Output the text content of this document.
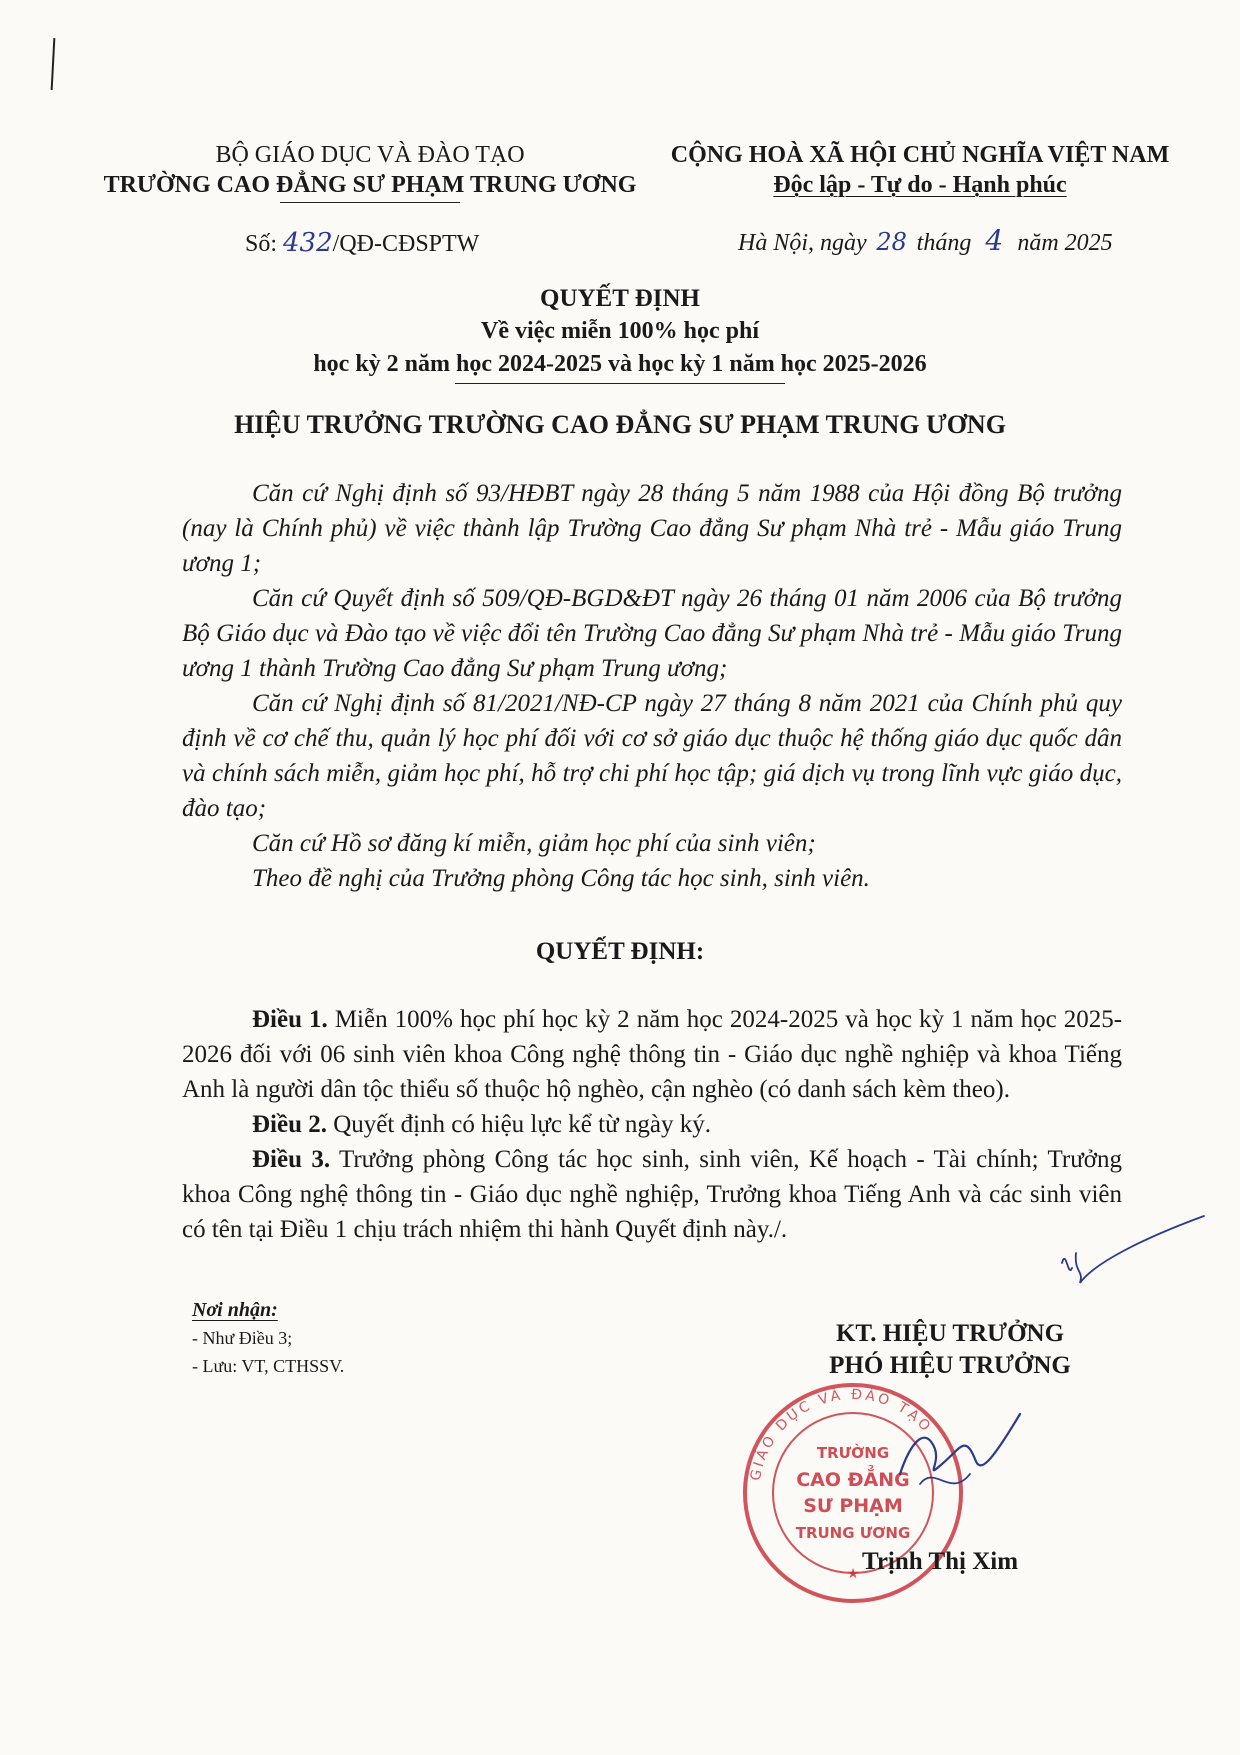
BỘ GIÁO DỤC VÀ ĐÀO TẠO
TRƯỜNG CAO ĐẲNG SƯ PHẠM TRUNG ƯƠNG
CỘNG HOÀ XÃ HỘI CHỦ NGHĨA VIỆT NAM
Độc lập - Tự do - Hạnh phúc
Số: 432/QĐ-CĐSPTW	Hà Nội, ngày 28 tháng 4 năm 2025
QUYẾT ĐỊNH
Về việc miễn 100% học phí
học kỳ 2 năm học 2024-2025 và học kỳ 1 năm học 2025-2026
HIỆU TRƯỞNG TRƯỜNG CAO ĐẲNG SƯ PHẠM TRUNG ƯƠNG

Căn cứ Nghị định số 93/HĐBT ngày 28 tháng 5 năm 1988 của Hội đồng Bộ trưởng (nay là Chính phủ) về việc thành lập Trường Cao đẳng Sư phạm Nhà trẻ - Mẫu giáo Trung ương 1;

Căn cứ Quyết định số 509/QĐ-BGD&ĐT ngày 26 tháng 01 năm 2006 của Bộ trưởng Bộ Giáo dục và Đào tạo về việc đổi tên Trường Cao đẳng Sư phạm Nhà trẻ - Mẫu giáo Trung ương 1 thành Trường Cao đẳng Sư phạm Trung ương;

Căn cứ Nghị định số 81/2021/NĐ-CP ngày 27 tháng 8 năm 2021 của Chính phủ quy định về cơ chế thu, quản lý học phí đối với cơ sở giáo dục thuộc hệ thống giáo dục quốc dân và chính sách miễn, giảm học phí, hỗ trợ chi phí học tập; giá dịch vụ trong lĩnh vực giáo dục, đào tạo;

Căn cứ Hồ sơ đăng kí miễn, giảm học phí của sinh viên;

Theo đề nghị của Trưởng phòng Công tác học sinh, sinh viên.

QUYẾT ĐỊNH:

Điều 1. Miễn 100% học phí học kỳ 2 năm học 2024-2025 và học kỳ 1 năm học 2025-2026 đối với 06 sinh viên khoa Công nghệ thông tin - Giáo dục nghề nghiệp và khoa Tiếng Anh là người dân tộc thiểu số thuộc hộ nghèo, cận nghèo (có danh sách kèm theo).

Điều 2. Quyết định có hiệu lực kể từ ngày ký.

Điều 3. Trưởng phòng Công tác học sinh, sinh viên, Kế hoạch - Tài chính; Trưởng khoa Công nghệ thông tin - Giáo dục nghề nghiệp, Trưởng khoa Tiếng Anh và các sinh viên có tên tại Điều 1 chịu trách nhiệm thi hành Quyết định này./.

Nơi nhận:
- Như Điều 3;
- Lưu: VT, CTHSSV.
KT. HIỆU TRƯỞNG
PHÓ HIỆU TRƯỞNG
GIÁO DỤC VÀ ĐÀO TẠO
TRƯỜNG
CAO ĐẲNG
SƯ PHẠM
TRUNG ƯƠNG
★ Trịnh Thị Xim
